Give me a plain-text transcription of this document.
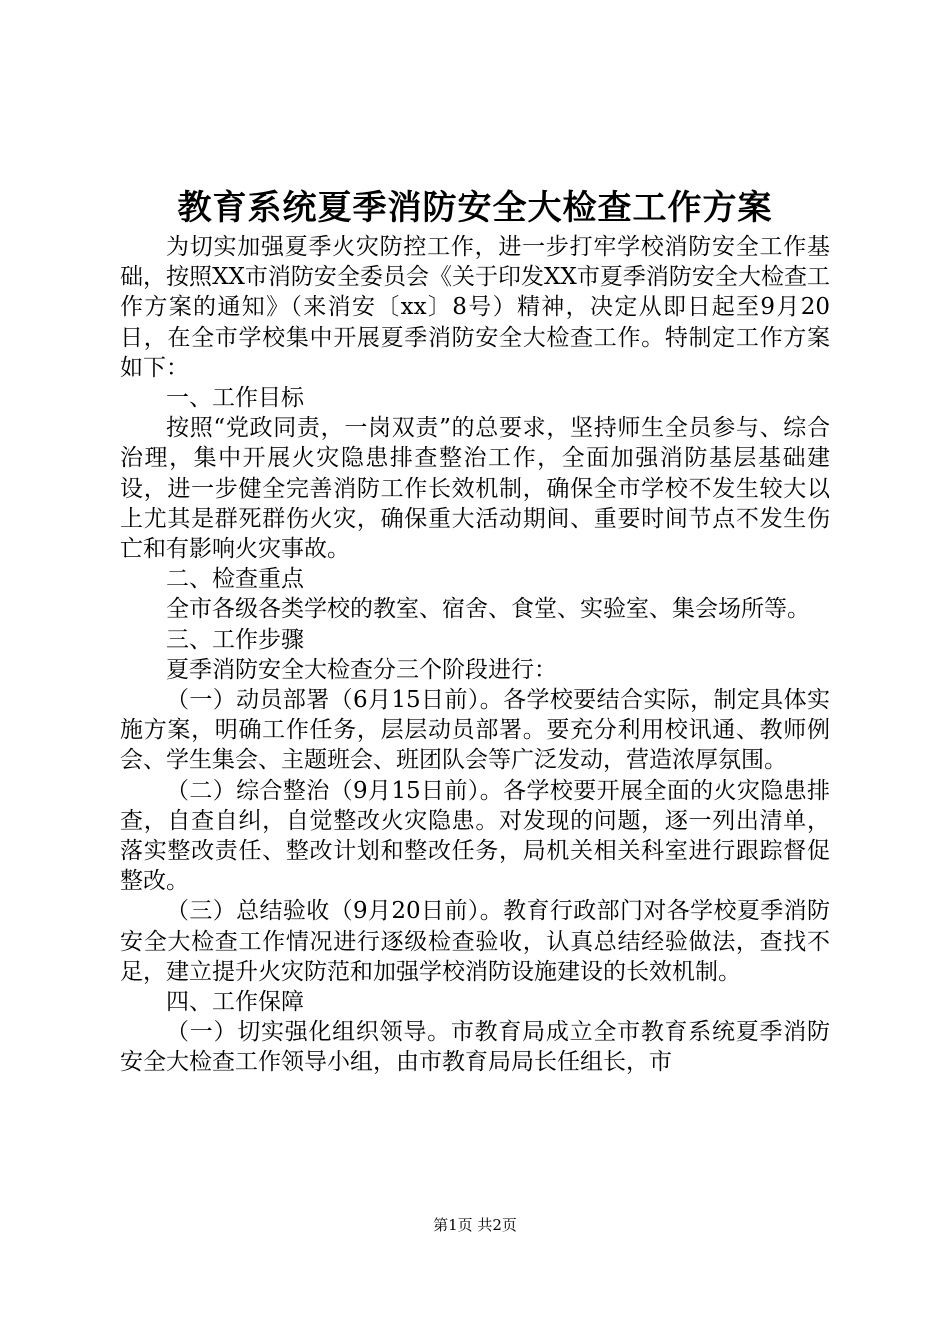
教育系统夏季消防安全大检查工作方案

为切实加强夏季火灾防控工作，进一步打牢学校消防安全工作基础，按照XX市消防安全委员会《关于印发XX市夏季消防安全大检查工作方案的通知》（来消安〔xx〕8号）精神，决定从即日起至9月20日，在全市学校集中开展夏季消防安全大检查工作。特制定工作方案如下：

一、工作目标

按照“党政同责，一岗双责”的总要求，坚持师生全员参与、综合治理，集中开展火灾隐患排查整治工作，全面加强消防基层基础建设，进一步健全完善消防工作长效机制，确保全市学校不发生较大以上尤其是群死群伤火灾，确保重大活动期间、重要时间节点不发生伤亡和有影响火灾事故。

二、检查重点

全市各级各类学校的教室、宿舍、食堂、实验室、集会场所等。

三、工作步骤

夏季消防安全大检查分三个阶段进行：

（一）动员部署（6月15日前）。各学校要结合实际，制定具体实施方案，明确工作任务，层层动员部署。要充分利用校讯通、教师例会、学生集会、主题班会、班团队会等广泛发动，营造浓厚氛围。

（二）综合整治（9月15日前）。各学校要开展全面的火灾隐患排查，自查自纠，自觉整改火灾隐患。对发现的问题，逐一列出清单，落实整改责任、整改计划和整改任务，局机关相关科室进行跟踪督促整改。

（三）总结验收（9月20日前）。教育行政部门对各学校夏季消防安全大检查工作情况进行逐级检查验收，认真总结经验做法，查找不足，建立提升火灾防范和加强学校消防设施建设的长效机制。

四、工作保障

（一）切实强化组织领导。市教育局成立全市教育系统夏季消防安全大检查工作领导小组，由市教育局局长任组长，市

第1页 共2页
